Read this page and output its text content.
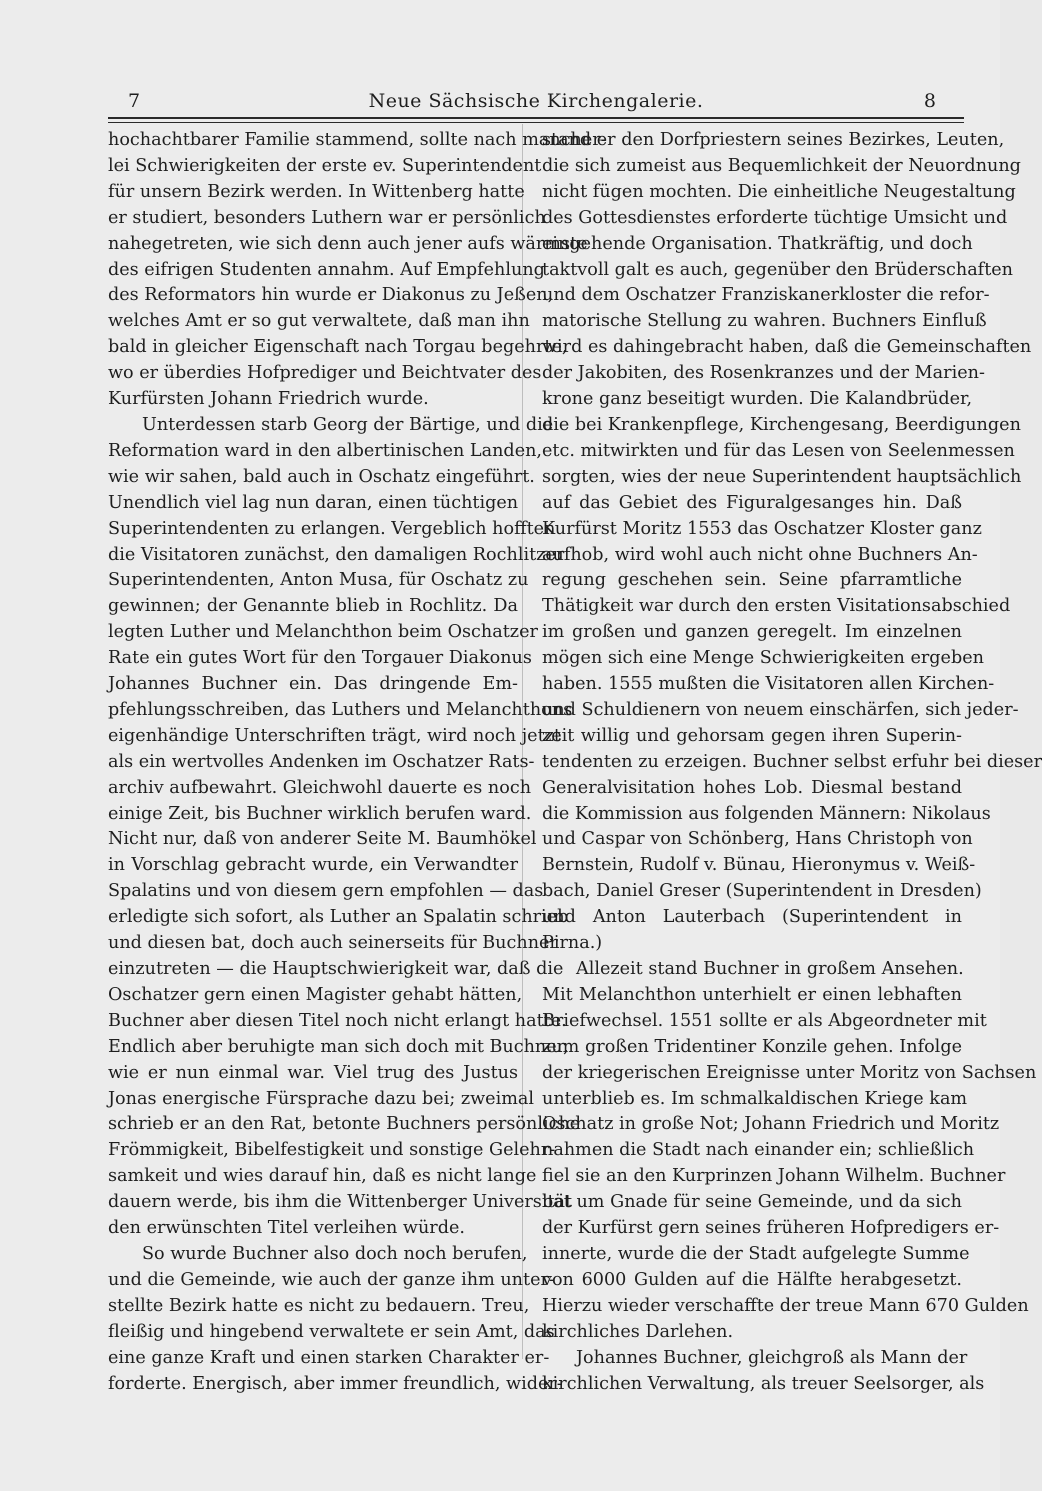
7	Neue Sächsische Kirchengalerie.	8
hochachtbarer Familie stammend, sollte nach mancher-
lei Schwierigkeiten der erste ev. Superintendent
für unsern Bezirk werden. In Wittenberg hatte
er studiert, besonders Luthern war er persönlich
nahegetreten, wie sich denn auch jener aufs wärmste
des eifrigen Studenten annahm. Auf Empfehlung
des Reformators hin wurde er Diakonus zu Jeßen,
welches Amt er so gut verwaltete, daß man ihn
bald in gleicher Eigenschaft nach Torgau begehrte,
wo er überdies Hofprediger und Beichtvater des
Kurfürsten Johann Friedrich wurde.
Unterdessen starb Georg der Bärtige, und die
Reformation ward in den albertinischen Landen,
wie wir sahen, bald auch in Oschatz eingeführt.
Unendlich viel lag nun daran, einen tüchtigen
Superintendenten zu erlangen. Vergeblich hofften
die Visitatoren zunächst, den damaligen Rochlitzer
Superintendenten, Anton Musa, für Oschatz zu
gewinnen; der Genannte blieb in Rochlitz. Da
legten Luther und Melanchthon beim Oschatzer
Rate ein gutes Wort für den Torgauer Diakonus
Johannes Buchner ein. Das dringende Em-
pfehlungsschreiben, das Luthers und Melanchthons
eigenhändige Unterschriften trägt, wird noch jetzt
als ein wertvolles Andenken im Oschatzer Rats-
archiv aufbewahrt. Gleichwohl dauerte es noch
einige Zeit, bis Buchner wirklich berufen ward.
Nicht nur, daß von anderer Seite M. Baumhökel
in Vorschlag gebracht wurde, ein Verwandter
Spalatins und von diesem gern empfohlen — das
erledigte sich sofort, als Luther an Spalatin schrieb
und diesen bat, doch auch seinerseits für Buchner
einzutreten — die Hauptschwierigkeit war, daß die
Oschatzer gern einen Magister gehabt hätten,
Buchner aber diesen Titel noch nicht erlangt hatte.
Endlich aber beruhigte man sich doch mit Buchner,
wie er nun einmal war. Viel trug des Justus
Jonas energische Fürsprache dazu bei; zweimal
schrieb er an den Rat, betonte Buchners persönliche
Frömmigkeit, Bibelfestigkeit und sonstige Gelehr-
samkeit und wies darauf hin, daß es nicht lange
dauern werde, bis ihm die Wittenberger Universität
den erwünschten Titel verleihen würde.
So wurde Buchner also doch noch berufen,
und die Gemeinde, wie auch der ganze ihm unter-
stellte Bezirk hatte es nicht zu bedauern. Treu,
fleißig und hingebend verwaltete er sein Amt, das
eine ganze Kraft und einen starken Charakter er-
forderte. Energisch, aber immer freundlich, wider-
stand er den Dorfpriestern seines Bezirkes, Leuten,
die sich zumeist aus Bequemlichkeit der Neuordnung
nicht fügen mochten. Die einheitliche Neugestaltung
des Gottesdienstes erforderte tüchtige Umsicht und
eingehende Organisation. Thatkräftig, und doch
taktvoll galt es auch, gegenüber den Brüderschaften
und dem Oschatzer Franziskanerkloster die refor-
matorische Stellung zu wahren. Buchners Einfluß
wird es dahingebracht haben, daß die Gemeinschaften
der Jakobiten, des Rosenkranzes und der Marien-
krone ganz beseitigt wurden. Die Kalandbrüder,
die bei Krankenpflege, Kirchengesang, Beerdigungen
etc. mitwirkten und für das Lesen von Seelenmessen
sorgten, wies der neue Superintendent hauptsächlich
auf das Gebiet des Figuralgesanges hin. Daß
Kurfürst Moritz 1553 das Oschatzer Kloster ganz
aufhob, wird wohl auch nicht ohne Buchners An-
regung geschehen sein. Seine pfarramtliche
Thätigkeit war durch den ersten Visitationsabschied
im großen und ganzen geregelt. Im einzelnen
mögen sich eine Menge Schwierigkeiten ergeben
haben. 1555 mußten die Visitatoren allen Kirchen-
und Schuldienern von neuem einschärfen, sich jeder-
zeit willig und gehorsam gegen ihren Superin-
tendenten zu erzeigen. Buchner selbst erfuhr bei dieser
Generalvisitation hohes Lob. Diesmal bestand
die Kommission aus folgenden Männern: Nikolaus
und Caspar von Schönberg, Hans Christoph von
Bernstein, Rudolf v. Bünau, Hieronymus v. Weiß-
bach, Daniel Greser (Superintendent in Dresden)
und Anton Lauterbach (Superintendent in
Pirna.)
Allezeit stand Buchner in großem Ansehen.
Mit Melanchthon unterhielt er einen lebhaften
Briefwechsel. 1551 sollte er als Abgeordneter mit
zum großen Tridentiner Konzile gehen. Infolge
der kriegerischen Ereignisse unter Moritz von Sachsen
unterblieb es. Im schmalkaldischen Kriege kam
Oschatz in große Not; Johann Friedrich und Moritz
nahmen die Stadt nach einander ein; schließlich
fiel sie an den Kurprinzen Johann Wilhelm. Buchner
bat um Gnade für seine Gemeinde, und da sich
der Kurfürst gern seines früheren Hofpredigers er-
innerte, wurde die der Stadt aufgelegte Summe
von 6000 Gulden auf die Hälfte herabgesetzt.
Hierzu wieder verschaffte der treue Mann 670 Gulden
kirchliches Darlehen.
Johannes Buchner, gleichgroß als Mann der
kirchlichen Verwaltung, als treuer Seelsorger, als
